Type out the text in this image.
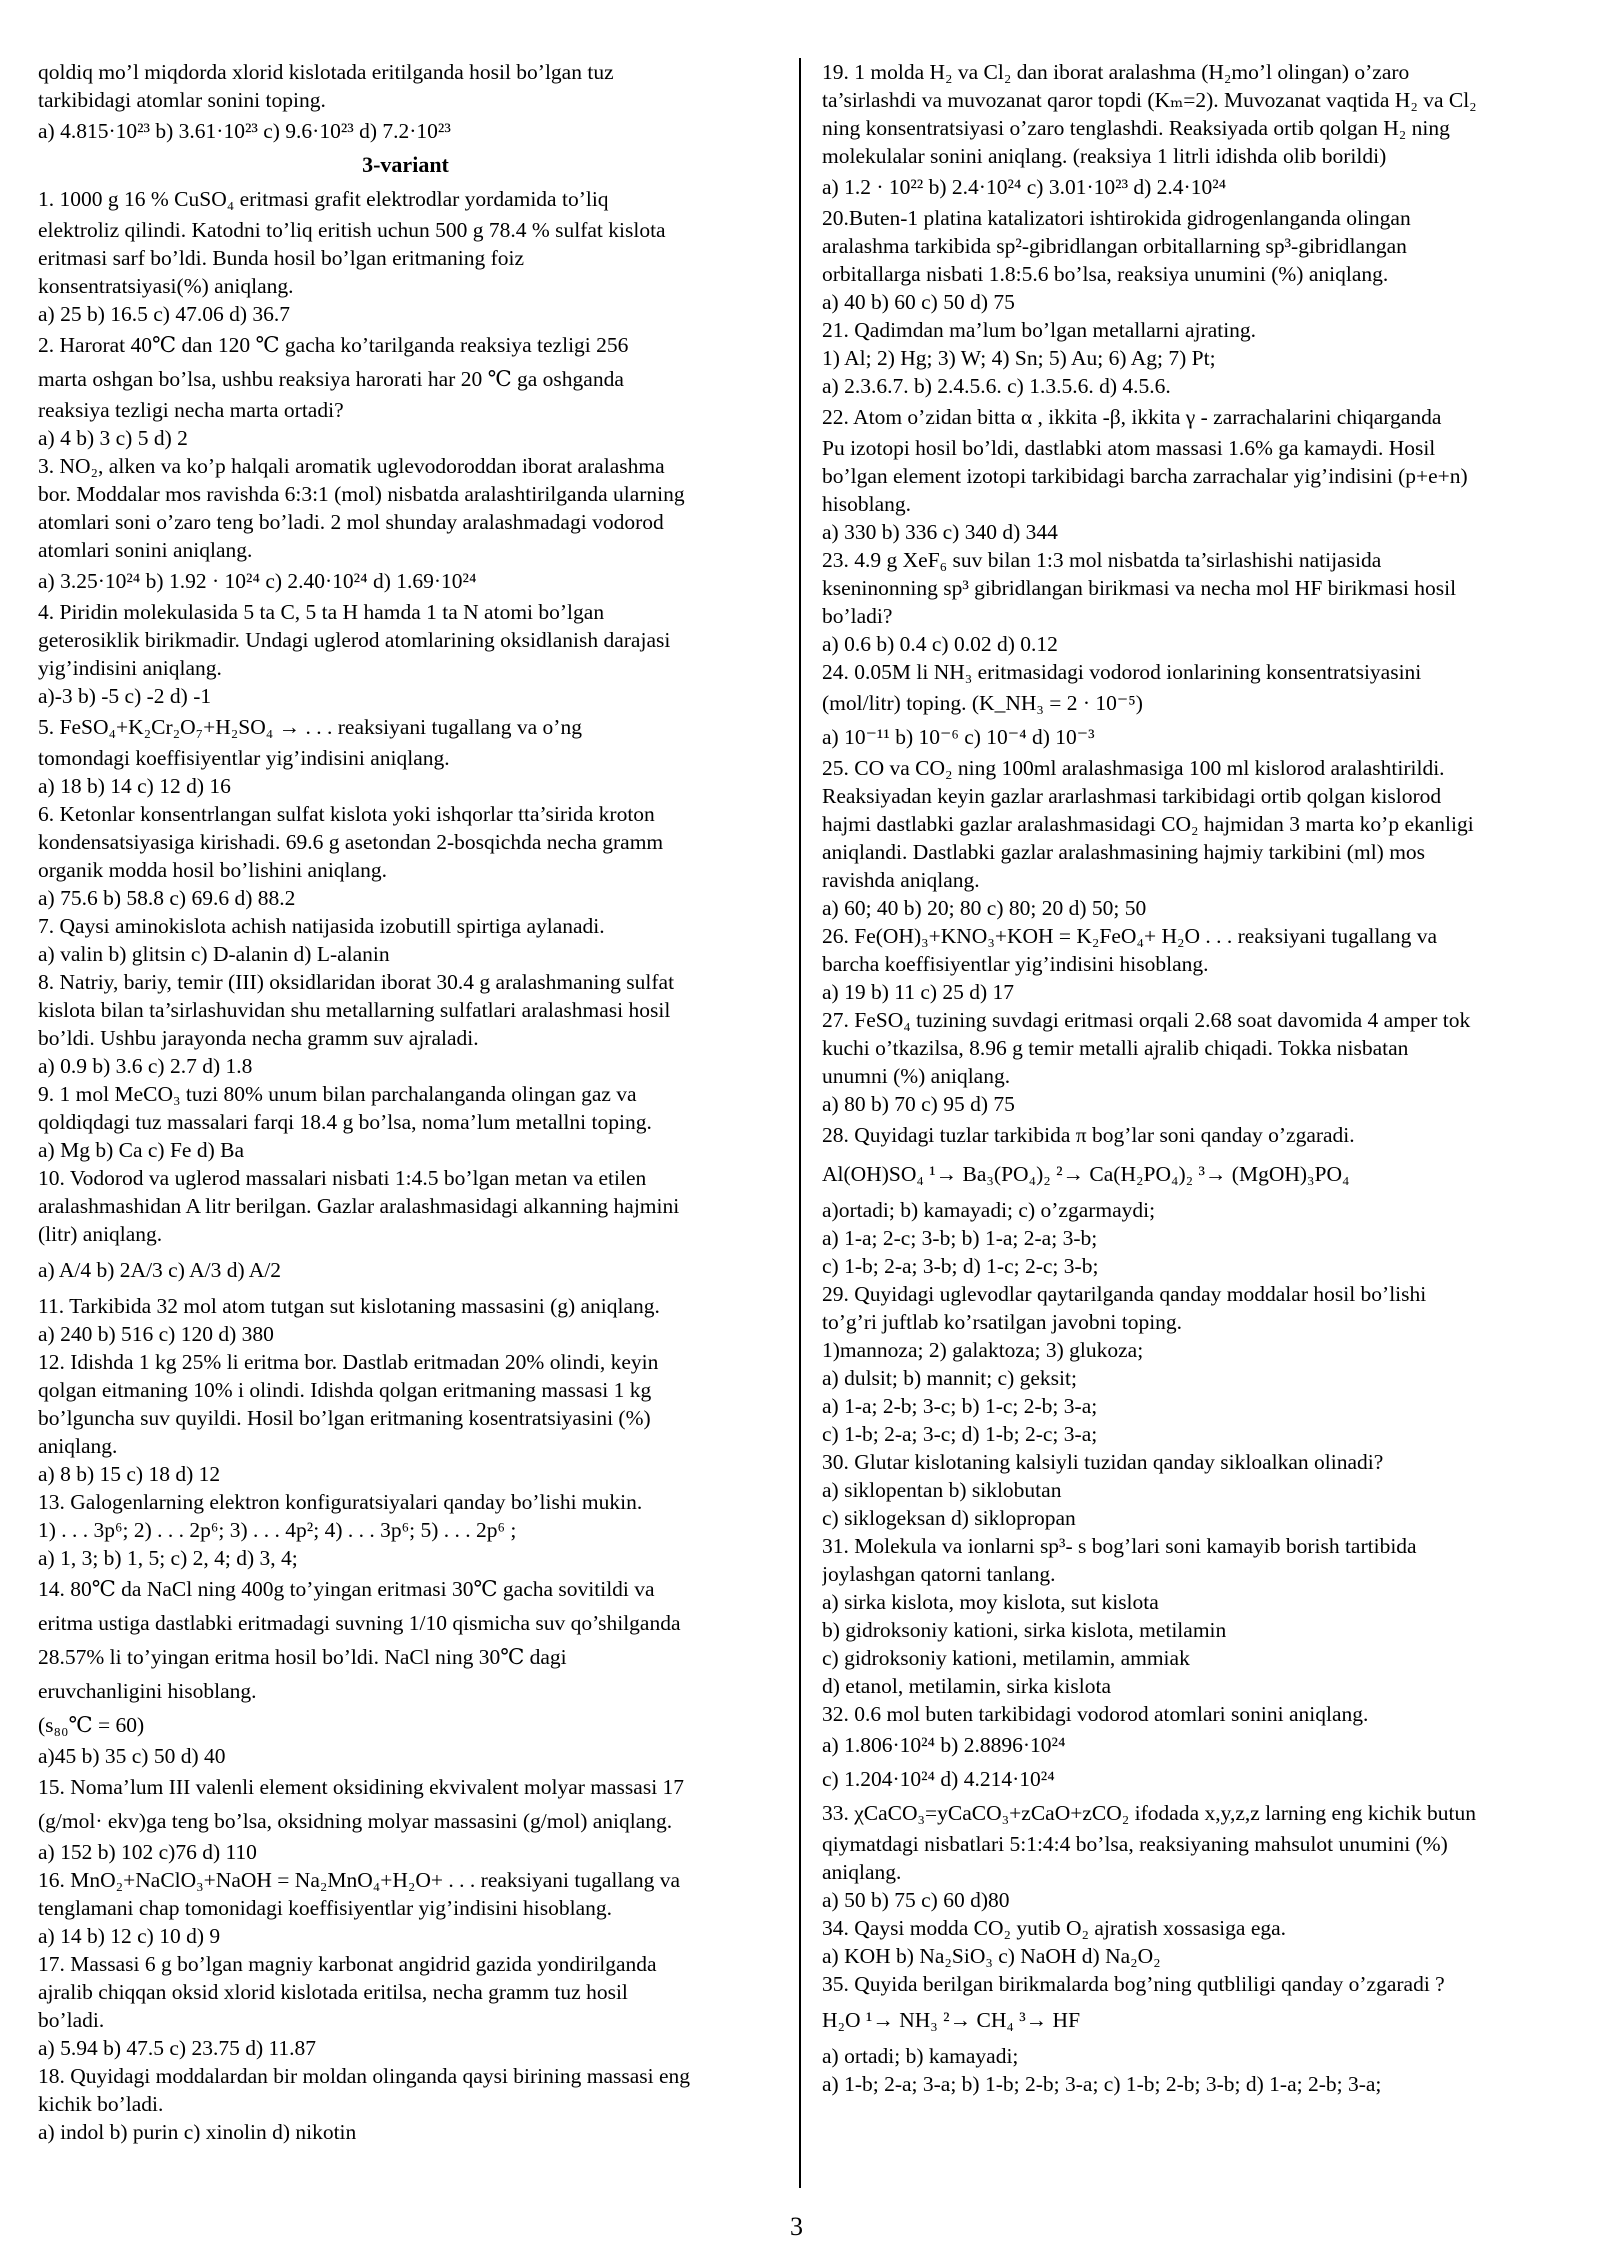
qoldiq mo’l miqdorda xlorid kislotada eritilganda hosil bo’lgan tuz
tarkibidagi atomlar sonini toping.
a) 4.815·10²³ b) 3.61·10²³ c) 9.6·10²³ d) 7.2·10²³
3-variant
1. 1000 g 16 % CuSO₄ eritmasi grafit elektrodlar yordamida to’liq
elektroliz qilindi. Katodni to’liq eritish uchun 500 g 78.4 % sulfat kislota
eritmasi sarf bo’ldi. Bunda hosil bo’lgan eritmaning foiz
konsentratsiyasi(%) aniqlang.
a) 25 b) 16.5 c) 47.06 d) 36.7
2. Harorat 40℃ dan 120 ℃ gacha ko’tarilganda reaksiya tezligi 256
marta oshgan bo’lsa, ushbu reaksiya harorati har 20 ℃ ga oshganda
reaksiya tezligi necha marta ortadi?
a) 4 b) 3 c) 5 d) 2
3. NO₂, alken va ko’p halqali aromatik uglevodoroddan iborat aralashma
bor. Moddalar mos ravishda 6:3:1 (mol) nisbatda aralashtirilganda ularning
atomlari soni o’zaro teng bo’ladi. 2 mol shunday aralashmadagi vodorod
atomlari sonini aniqlang.
a) 3.25·10²⁴ b) 1.92 · 10²⁴ c) 2.40·10²⁴ d) 1.69·10²⁴
4. Piridin molekulasida 5 ta C, 5 ta H hamda 1 ta N atomi bo’lgan
geterosiklik birikmadir. Undagi uglerod atomlarining oksidlanish darajasi
yig’indisini aniqlang.
a)-3 b) -5 c) -2 d) -1
5. FeSO₄+K₂Cr₂O₇+H₂SO₄ → . . . reaksiyani tugallang va o’ng
tomondagi koeffisiyentlar yig’indisini aniqlang.
a) 18 b) 14 c) 12 d) 16
6. Ketonlar konsentrlangan sulfat kislota yoki ishqorlar tta’sirida kroton
kondensatsiyasiga kirishadi. 69.6 g asetondan 2-bosqichda necha gramm
organik modda hosil bo’lishini aniqlang.
a) 75.6 b) 58.8 c) 69.6 d) 88.2
7. Qaysi aminokislota achish natijasida izobutill spirtiga aylanadi.
a) valin b) glitsin c) D-alanin d) L-alanin
8. Natriy, bariy, temir (III) oksidlaridan iborat 30.4 g aralashmaning sulfat
kislota bilan ta’sirlashuvidan shu metallarning sulfatlari aralashmasi hosil
bo’ldi. Ushbu jarayonda necha gramm suv ajraladi.
a) 0.9 b) 3.6 c) 2.7 d) 1.8
9. 1 mol MeCO₃ tuzi 80% unum bilan parchalanganda olingan gaz va
qoldiqdagi tuz massalari farqi 18.4 g bo’lsa, noma’lum metallni toping.
a) Mg b) Ca c) Fe d) Ba
10. Vodorod va uglerod massalari nisbati 1:4.5 bo’lgan metan va etilen
aralashmashidan A litr berilgan. Gazlar aralashmasidagi alkanning hajmini
(litr) aniqlang.
a) A/4 b) 2A/3 c) A/3 d) A/2
11. Tarkibida 32 mol atom tutgan sut kislotaning massasini (g) aniqlang.
a) 240 b) 516 c) 120 d) 380
12. Idishda 1 kg 25% li eritma bor. Dastlab eritmadan 20% olindi, keyin
qolgan eitmaning 10% i olindi. Idishda qolgan eritmaning massasi 1 kg
bo’lguncha suv quyildi. Hosil bo’lgan eritmaning kosentratsiyasini (%)
aniqlang.
a) 8 b) 15 c) 18 d) 12
13. Galogenlarning elektron konfiguratsiyalari qanday bo’lishi mukin.
1) . . . 3p⁶; 2) . . . 2p⁶; 3) . . . 4p²; 4) . . . 3p⁶; 5) . . . 2p⁶ ;
a) 1, 3; b) 1, 5; c) 2, 4; d) 3, 4;
14. 80℃ da NaCl ning 400g to’yingan eritmasi 30℃ gacha sovitildi va
eritma ustiga dastlabki eritmadagi suvning 1/10 qismicha suv qo’shilganda
28.57% li to’yingan eritma hosil bo’ldi. NaCl ning 30℃ dagi
eruvchanligini hisoblang.
(s₈₀℃ = 60)
a)45 b) 35 c) 50 d) 40
15. Noma’lum III valenli element oksidining ekvivalent molyar massasi 17
(g/mol· ekv)ga teng bo’lsa, oksidning molyar massasini (g/mol) aniqlang.
a) 152 b) 102 c)76 d) 110
16. MnO₂+NaClO₃+NaOH = Na₂MnO₄+H₂O+ . . . reaksiyani tugallang va
tenglamani chap tomonidagi koeffisiyentlar yig’indisini hisoblang.
a) 14 b) 12 c) 10 d) 9
17. Massasi 6 g bo’lgan magniy karbonat angidrid gazida yondirilganda
ajralib chiqqan oksid xlorid kislotada eritilsa, necha gramm tuz hosil
bo’ladi.
a) 5.94 b) 47.5 c) 23.75 d) 11.87
18. Quyidagi moddalardan bir moldan olinganda qaysi birining massasi eng
kichik bo’ladi.
a) indol b) purin c) xinolin d) nikotin
19. 1 molda H₂ va Cl₂ dan iborat aralashma (H₂mo’l olingan) o’zaro
ta’sirlashdi va muvozanat qaror topdi (Kₘ=2). Muvozanat vaqtida H₂ va Cl₂
ning konsentratsiyasi o’zaro tenglashdi. Reaksiyada ortib qolgan H₂ ning
molekulalar sonini aniqlang. (reaksiya 1 litrli idishda olib borildi)
a) 1.2 · 10²² b) 2.4·10²⁴ c) 3.01·10²³ d) 2.4·10²⁴
20.Buten-1 platina katalizatori ishtirokida gidrogenlanganda olingan
aralashma tarkibida sp²-gibridlangan orbitallarning sp³-gibridlangan
orbitallarga nisbati 1.8:5.6 bo’lsa, reaksiya unumini (%) aniqlang.
a) 40 b) 60 c) 50 d) 75
21. Qadimdan ma’lum bo’lgan metallarni ajrating.
1) Al; 2) Hg; 3) W; 4) Sn; 5) Au; 6) Ag; 7) Pt;
a) 2.3.6.7. b) 2.4.5.6. c) 1.3.5.6. d) 4.5.6.
22. Atom o’zidan bitta α , ikkita -β, ikkita γ - zarrachalarini chiqarganda
Pu izotopi hosil bo’ldi, dastlabki atom massasi 1.6% ga kamaydi. Hosil
bo’lgan element izotopi tarkibidagi barcha zarrachalar yig’indisini (p+e+n)
hisoblang.
a) 330 b) 336 c) 340 d) 344
23. 4.9 g XeF₆ suv bilan 1:3 mol nisbatda ta’sirlashishi natijasida
kseninonning sp³ gibridlangan birikmasi va necha mol HF birikmasi hosil
bo’ladi?
a) 0.6 b) 0.4 c) 0.02 d) 0.12
24. 0.05M li NH₃ eritmasidagi vodorod ionlarining konsentratsiyasini
(mol/litr) toping. (K_NH₃ = 2 · 10⁻⁵)
a) 10⁻¹¹ b) 10⁻⁶ c) 10⁻⁴ d) 10⁻³
25. CO va CO₂ ning 100ml aralashmasiga 100 ml kislorod aralashtirildi.
Reaksiyadan keyin gazlar ararlashmasi tarkibidagi ortib qolgan kislorod
hajmi dastlabki gazlar aralashmasidagi CO₂ hajmidan 3 marta ko’p ekanligi
aniqlandi. Dastlabki gazlar aralashmasining hajmiy tarkibini (ml) mos
ravishda aniqlang.
a) 60; 40 b) 20; 80 c) 80; 20 d) 50; 50
26. Fe(OH)₃+KNO₃+KOH = K₂FeO₄+ H₂O . . . reaksiyani tugallang va
barcha koeffisiyentlar yig’indisini hisoblang.
a) 19 b) 11 c) 25 d) 17
27. FeSO₄ tuzining suvdagi eritmasi orqali 2.68 soat davomida 4 amper tok
kuchi o’tkazilsa, 8.96 g temir metalli ajralib chiqadi. Tokka nisbatan
unumni (%) aniqlang.
a) 80 b) 70 c) 95 d) 75
28. Quyidagi tuzlar tarkibida π bog’lar soni qanday o’zgaradi.
Al(OH)SO₄ ¹→ Ba₃(PO₄)₂ ²→ Ca(H₂PO₄)₂ ³→ (MgOH)₃PO₄
a)ortadi; b) kamayadi; c) o’zgarmaydi;
a) 1-a; 2-c; 3-b; b) 1-a; 2-a; 3-b;
c) 1-b; 2-a; 3-b; d) 1-c; 2-c; 3-b;
29. Quyidagi uglevodlar qaytarilganda qanday moddalar hosil bo’lishi
to’g’ri juftlab ko’rsatilgan javobni toping.
1)mannoza; 2) galaktoza; 3) glukoza;
a) dulsit; b) mannit; c) geksit;
a) 1-a; 2-b; 3-c; b) 1-c; 2-b; 3-a;
c) 1-b; 2-a; 3-c; d) 1-b; 2-c; 3-a;
30. Glutar kislotaning kalsiyli tuzidan qanday sikloalkan olinadi?
a) siklopentan b) siklobutan
c) siklogeksan d) siklopropan
31. Molekula va ionlarni sp³- s bog’lari soni kamayib borish tartibida
joylashgan qatorni tanlang.
a) sirka kislota, moy kislota, sut kislota
b) gidroksoniy kationi, sirka kislota, metilamin
c) gidroksoniy kationi, metilamin, ammiak
d) etanol, metilamin, sirka kislota
32. 0.6 mol buten tarkibidagi vodorod atomlari sonini aniqlang.
a) 1.806·10²⁴ b) 2.8896·10²⁴
c) 1.204·10²⁴ d) 4.214·10²⁴
33. χCaCO₃=yCaCO₃+zCaO+zCO₂ ifodada x,y,z,z larning eng kichik butun
qiymatdagi nisbatlari 5:1:4:4 bo’lsa, reaksiyaning mahsulot unumini (%)
aniqlang.
a) 50 b) 75 c) 60 d)80
34. Qaysi modda CO₂ yutib O₂ ajratish xossasiga ega.
a) KOH b) Na₂SiO₃ c) NaOH d) Na₂O₂
35. Quyida berilgan birikmalarda bog’ning qutbliligi qanday o’zgaradi ?
H₂O ¹→ NH₃ ²→ CH₄ ³→ HF
a) ortadi; b) kamayadi;
a) 1-b; 2-a; 3-a; b) 1-b; 2-b; 3-a; c) 1-b; 2-b; 3-b; d) 1-a; 2-b; 3-a;
3
